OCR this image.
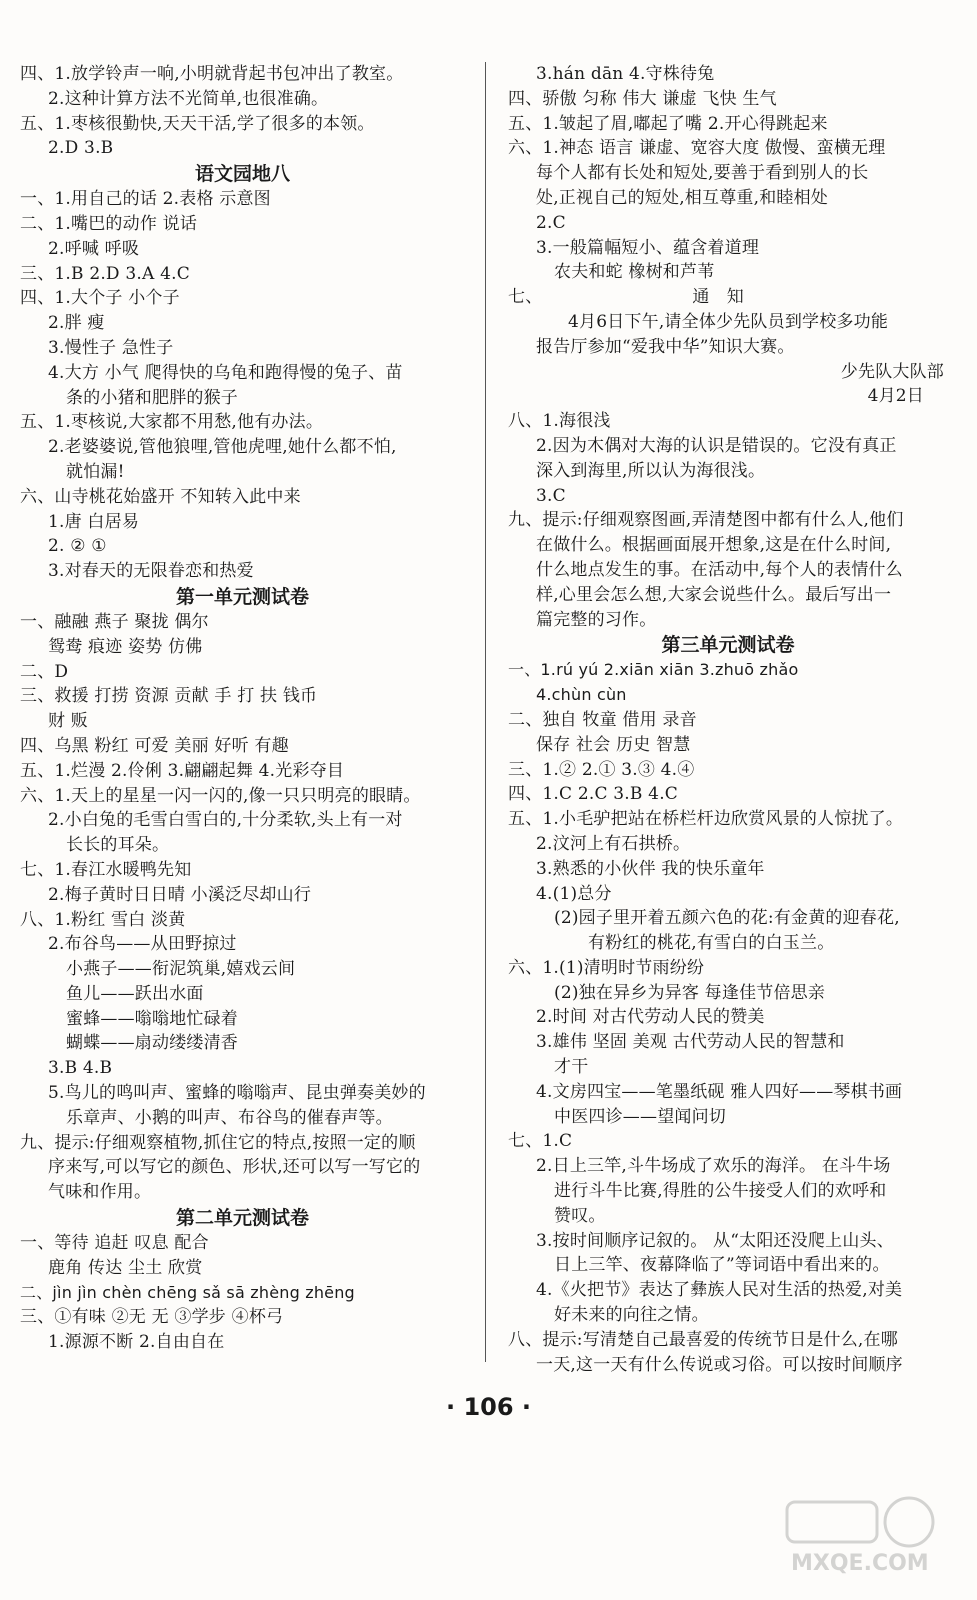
四、1.放学铃声一响,小明就背起书包冲出了教室。
2.这种计算方法不光简单,也很准确。
五、1.枣核很勤快,天天干活,学了很多的本领。
2.D 3.B
语文园地八
一、1.用自己的话 2.表格 示意图
二、1.嘴巴的动作 说话
2.呼喊 呼吸
三、1.B 2.D 3.A 4.C
四、1.大个子 小个子
2.胖 瘦
3.慢性子 急性子
4.大方 小气 爬得快的乌龟和跑得慢的兔子、苗
条的小猪和肥胖的猴子
五、1.枣核说,大家都不用愁,他有办法。
2.老婆婆说,管他狼哩,管他虎哩,她什么都不怕,
就怕漏!
六、山寺桃花始盛开 不知转入此中来
1.唐 白居易
2. ② ①
3.对春天的无限眷恋和热爱
第一单元测试卷
一、融融 燕子 聚拢 偶尔
鸳鸯 痕迹 姿势 仿佛
二、D
三、救援 打捞 资源 贡献 手 打 扶 钱币
财 贩
四、乌黑 粉红 可爱 美丽 好听 有趣
五、1.烂漫 2.伶俐 3.翩翩起舞 4.光彩夺目
六、1.天上的星星一闪一闪的,像一只只明亮的眼睛。
2.小白兔的毛雪白雪白的,十分柔软,头上有一对
长长的耳朵。
七、1.春江水暖鸭先知
2.梅子黄时日日晴 小溪泛尽却山行
八、1.粉红 雪白 淡黄
2.布谷鸟——从田野掠过
小燕子——衔泥筑巢,嬉戏云间
鱼儿——跃出水面
蜜蜂——嗡嗡地忙碌着
蝴蝶——扇动缕缕清香
3.B 4.B
5.鸟儿的鸣叫声、蜜蜂的嗡嗡声、昆虫弹奏美妙的
乐章声、小鹅的叫声、布谷鸟的催春声等。
九、提示:仔细观察植物,抓住它的特点,按照一定的顺
序来写,可以写它的颜色、形状,还可以写一写它的
气味和作用。
第二单元测试卷
一、等待 追赶 叹息 配合
鹿角 传达 尘土 欣赏
二、jìn jìn chèn chēng sǎ sā zhèng zhēng
三、①有味 ②无 无 ③学步 ④杯弓
1.源源不断 2.自由自在
3.hán dān 4.守株待兔
四、骄傲 匀称 伟大 谦虚 飞快 生气
五、1.皱起了眉,嘟起了嘴 2.开心得跳起来
六、1.神态 语言 谦虚、宽容大度 傲慢、蛮横无理
每个人都有长处和短处,要善于看到别人的长
处,正视自己的短处,相互尊重,和睦相处
2.C
3.一般篇幅短小、蕴含着道理
农夫和蛇 橡树和芦苇
七、	通 知
4月6日下午,请全体少先队员到学校多功能
报告厅参加“爱我中华”知识大赛。
少先队大队部
4月2日
八、1.海很浅
2.因为木偶对大海的认识是错误的。它没有真正
深入到海里,所以认为海很浅。
3.C
九、提示:仔细观察图画,弄清楚图中都有什么人,他们
在做什么。根据画面展开想象,这是在什么时间,
什么地点发生的事。在活动中,每个人的表情什么
样,心里会怎么想,大家会说些什么。最后写出一
篇完整的习作。
第三单元测试卷
一、1.rú yú 2.xiān xiān 3.zhuō zhǎo
4.chùn cùn
二、独自 牧童 借用 录音
保存 社会 历史 智慧
三、1.② 2.① 3.③ 4.④
四、1.C 2.C 3.B 4.C
五、1.小毛驴把站在桥栏杆边欣赏风景的人惊扰了。
2.汶河上有石拱桥。
3.熟悉的小伙伴 我的快乐童年
4.(1)总分
(2)园子里开着五颜六色的花:有金黄的迎春花,
有粉红的桃花,有雪白的白玉兰。
六、1.(1)清明时节雨纷纷
(2)独在异乡为异客 每逢佳节倍思亲
2.时间 对古代劳动人民的赞美
3.雄伟 坚固 美观 古代劳动人民的智慧和
才干
4.文房四宝——笔墨纸砚 雅人四好——琴棋书画
中医四诊——望闻问切
七、1.C
2.日上三竿,斗牛场成了欢乐的海洋。 在斗牛场
进行斗牛比赛,得胜的公牛接受人们的欢呼和
赞叹。
3.按时间顺序记叙的。 从“太阳还没爬上山头、
日上三竿、夜幕降临了”等词语中看出来的。
4.《火把节》表达了彝族人民对生活的热爱,对美
好未来的向往之情。
八、提示:写清楚自己最喜爱的传统节日是什么,在哪
一天,这一天有什么传说或习俗。可以按时间顺序
· 106 ·
MXQE.COM
